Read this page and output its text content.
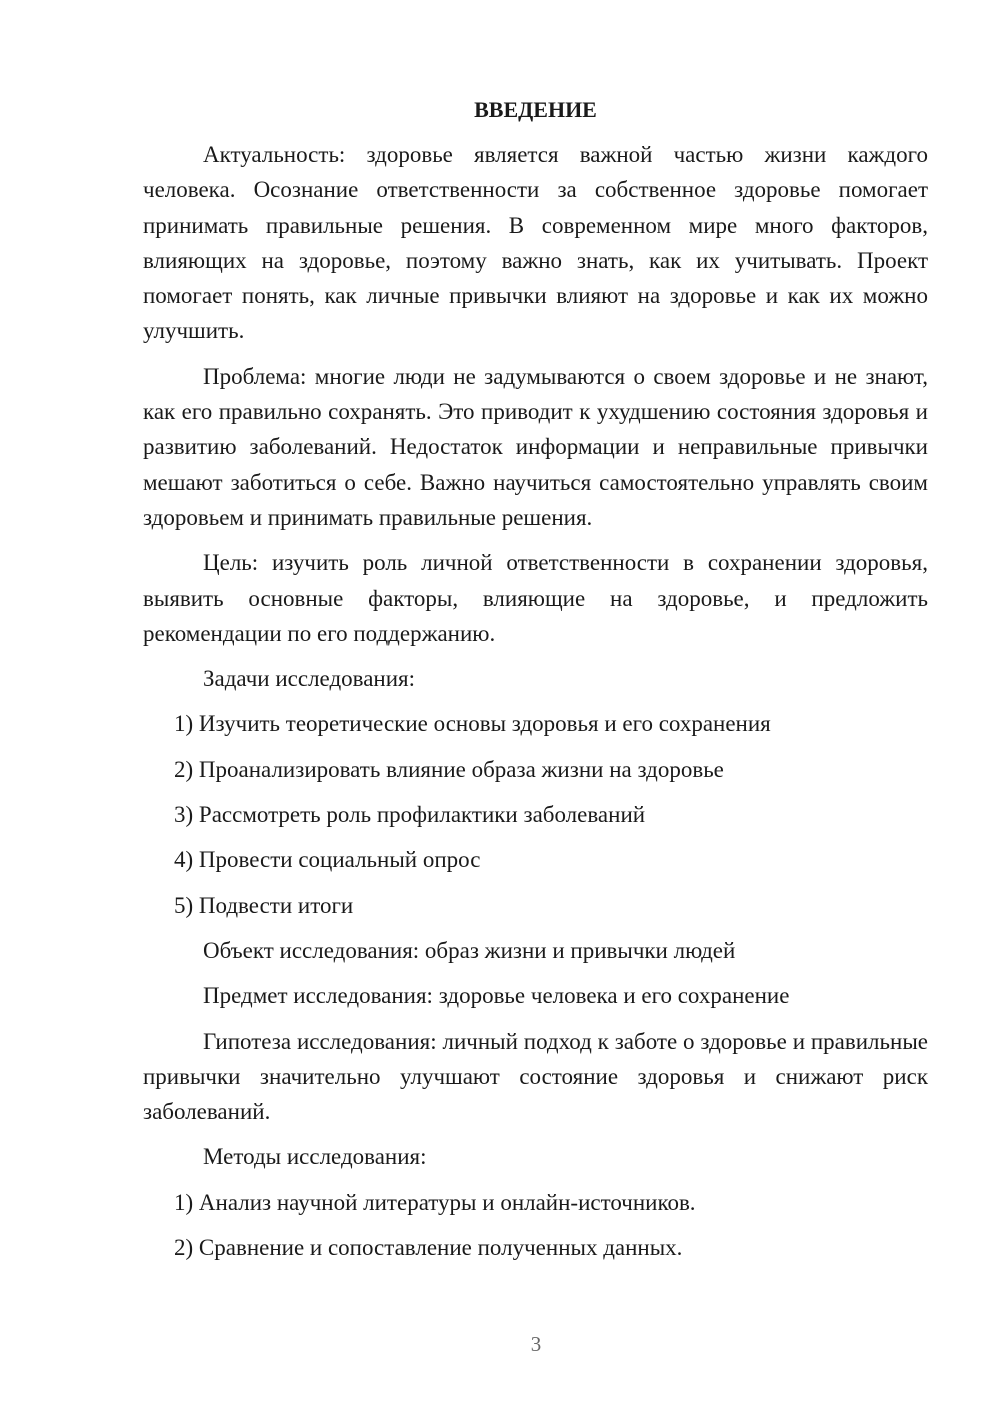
ВВЕДЕНИЕ

Актуальность: здоровье является важной частью жизни каждого человека. Осознание ответственности за собственное здоровье помогает принимать правильные решения. В современном мире много факторов, влияющих на здоровье, поэтому важно знать, как их учитывать. Проект помогает понять, как личные привычки влияют на здоровье и как их можно улучшить.

Проблема: многие люди не задумываются о своем здоровье и не знают, как его правильно сохранять. Это приводит к ухудшению состояния здоровья и развитию заболеваний. Недостаток информации и неправильные привычки мешают заботиться о себе. Важно научиться самостоятельно управлять своим здоровьем и принимать правильные решения.

Цель: изучить роль личной ответственности в сохранении здоровья, выявить основные факторы, влияющие на здоровье, и предложить рекомендации по его поддержанию.

Задачи исследования:

1) Изучить теоретические основы здоровья и его сохранения
2) Проанализировать влияние образа жизни на здоровье
3) Рассмотреть роль профилактики заболеваний
4) Провести социальный опрос
5) Подвести итоги

Объект исследования: образ жизни и привычки людей

Предмет исследования: здоровье человека и его сохранение

Гипотеза исследования: личный подход к заботе о здоровье и правильные привычки значительно улучшают состояние здоровья и снижают риск заболеваний.

Методы исследования:

1) Анализ научной литературы и онлайн-источников.
2) Сравнение и сопоставление полученных данных.
3
